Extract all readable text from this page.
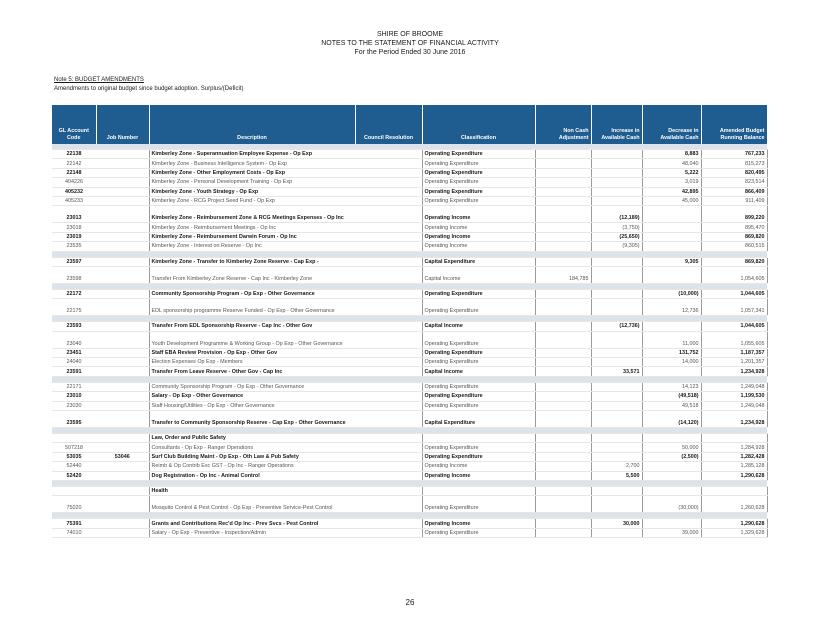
SHIRE OF BROOME
NOTES TO THE STATEMENT OF FINANCIAL ACTIVITY
For the Period Ended 30 June 2016
Note 5: BUDGET AMENDMENTS
Amendments to original budget since budget adoption. Surplus/(Deficit)
GL Account Code	Job Number	Description	Council Resolution	Classification	Non Cash Adjustment	Increase in Available Cash	Decrease in Available Cash	Amended Budget Running Balance

22138		Kimberley Zone - Superannuation Employee Expense - Op Exp		Operating Expenditure			8,883	767,233
22142		Kimberley Zone - Business Intelligence System - Op Exp		Operating Expenditure			48,040	815,273
22148		Kimberley Zone - Other Employment Costs - Op Exp		Operating Expenditure			5,222	820,495
404226		Kimberley Zone - Personal Development Training - Op Exp		Operating Expenditure			3,019	823,514
405232		Kimberley Zone - Youth Strategy - Op Exp		Operating Expenditure			42,895	866,409
405233		Kimberley Zone - RCG Project Seed Fund - Op Exp		Operating Expenditure			45,000	911,409
23013		Kimberley Zone - Reimbursement Zone & RCG Meetings Expenses - Op Inc		Operating Income		(12,189)		899,220
23018		Kimberley Zone - Reimbursement Meetings - Op Inc		Operating Income		(3,750)		895,470
23019		Kimberley Zone - Reimbursement Darwin Forum - Op Inc		Operating Income		(25,650)		869,820
23535		Kimberley Zone - Interest on Reserve - Op Inc		Operating Income		(9,305)		860,515

23597		Kimberley Zone - Transfer to Kimberley Zone Reserve - Cap Exp -		Capital Expenditure			9,305	869,820
23598		Transfer From Kimberley Zone Reserve - Cap Inc - Kimberley Zone		Capital Income	184,785			1,054,605

22172		Community Sponsorship Program - Op Exp - Other Governance		Operating Expenditure			(10,000)	1,044,605
22175		EDL sponsorship programme Reserve Funded - Op Exp - Other Governance		Operating Expenditure			12,736	1,057,341

23593		Transfer From EDL Sponsorship Reserve - Cap Inc - Other Gov		Capital Income		(12,736)		1,044,605
23040		Youth Development Programme & Working Group - Op Exp - Other Governance		Operating Expenditure			11,000	1,055,605
23451		Staff EBA Review Provision - Op Exp - Other Gov		Operating Expenditure			131,752	1,187,357
24040		Election Expenses Op Exp - Members		Operating Expenditure			14,000	1,201,357
23591		Transfer From Leave Reserve - Other Gov - Cap Inc		Capital Income		33,571		1,234,928

22171		Community Sponsorship Program - Op Exp - Other Governance		Operating Expenditure			14,123	1,249,048
23010		Salary - Op Exp - Other Governance		Operating Expenditure			(49,518)	1,199,530
23030		Staff Housing/Utilities - Op Exp - Other Governance		Operating Expenditure			49,518	1,249,048
23595		Transfer to Community Sponsorship Reserve - Cap Exp - Other Governance		Capital Expenditure			(14,120)	1,234,928

		Law, Order and Public Safety						
507218		Consultants - Op Exp - Ranger Operations		Operating Expenditure			50,000	1,284,928
53035	53046	Surf Club Building Maint - Op Exp - Oth Law & Pub Safety		Operating Expenditure			(2,500)	1,282,428
52440		Reimb & Op Contrib Exc GST - Op Inc - Ranger Operations		Operating Income		2,700		1,285,128
52420		Dog Registration - Op Inc - Animal Control		Operating Income		5,500		1,290,628

		Health						
75020		Mosquito Control & Pest Control - Op Exp - Preventive Service-Pest Control		Operating Expenditure			(30,000)	1,260,628

75391		Grants and Contributions Rec'd Op Inc - Prev Svcs - Pest Control		Operating Income		30,000		1,290,628
74010		Salary - Op Exp - Preventive - Inspection/Admin		Operating Expenditure			39,000	1,329,628
26
